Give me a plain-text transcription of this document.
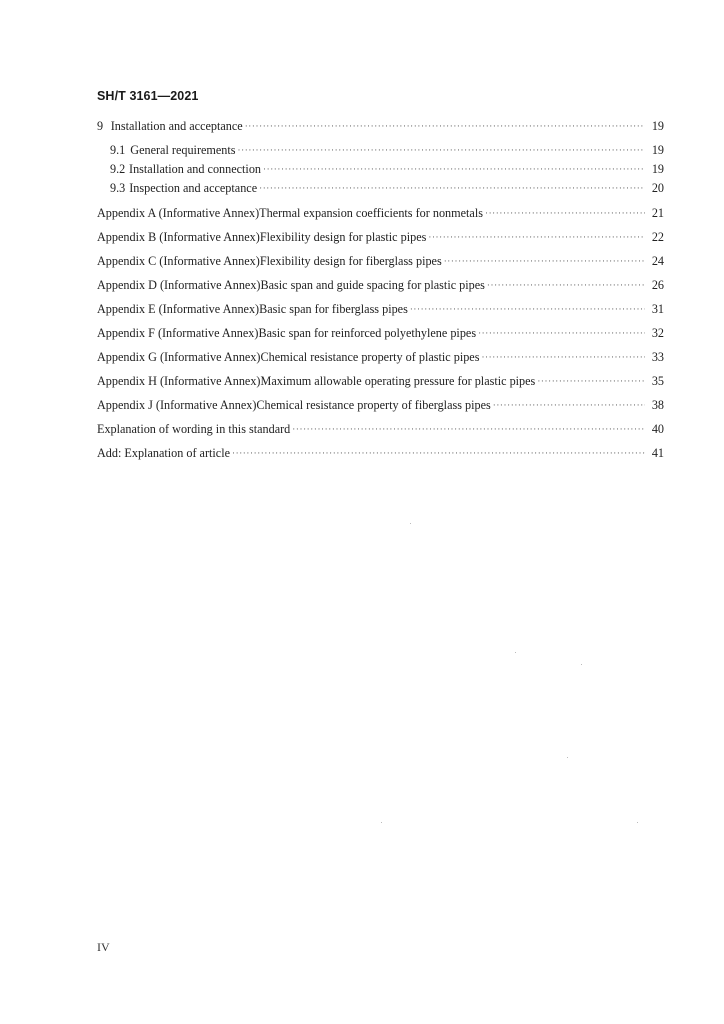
SH/T 3161—2021
9 Installation and acceptance ·····	19
9.1 General requirements ·····	19
9.2 Installation and connection ·····	19
9.3 Inspection and acceptance ·····	20
Appendix A (Informative Annex) Thermal expansion coefficients for nonmetals ·····	21
Appendix B (Informative Annex) Flexibility design for plastic pipes ·····	22
Appendix C (Informative Annex) Flexibility design for fiberglass pipes ·····	24
Appendix D (Informative Annex) Basic span and guide spacing for plastic pipes ·····	26
Appendix E (Informative Annex) Basic span for fiberglass pipes ·····	31
Appendix F (Informative Annex) Basic span for reinforced polyethylene pipes ·····	32
Appendix G (Informative Annex) Chemical resistance property of plastic pipes ·····	33
Appendix H (Informative Annex) Maximum allowable operating pressure for plastic pipes ·····	35
Appendix J (Informative Annex) Chemical resistance property of fiberglass pipes ·····	38
Explanation of wording in this standard ·····	40
Add: Explanation of article ·····	41
IV
